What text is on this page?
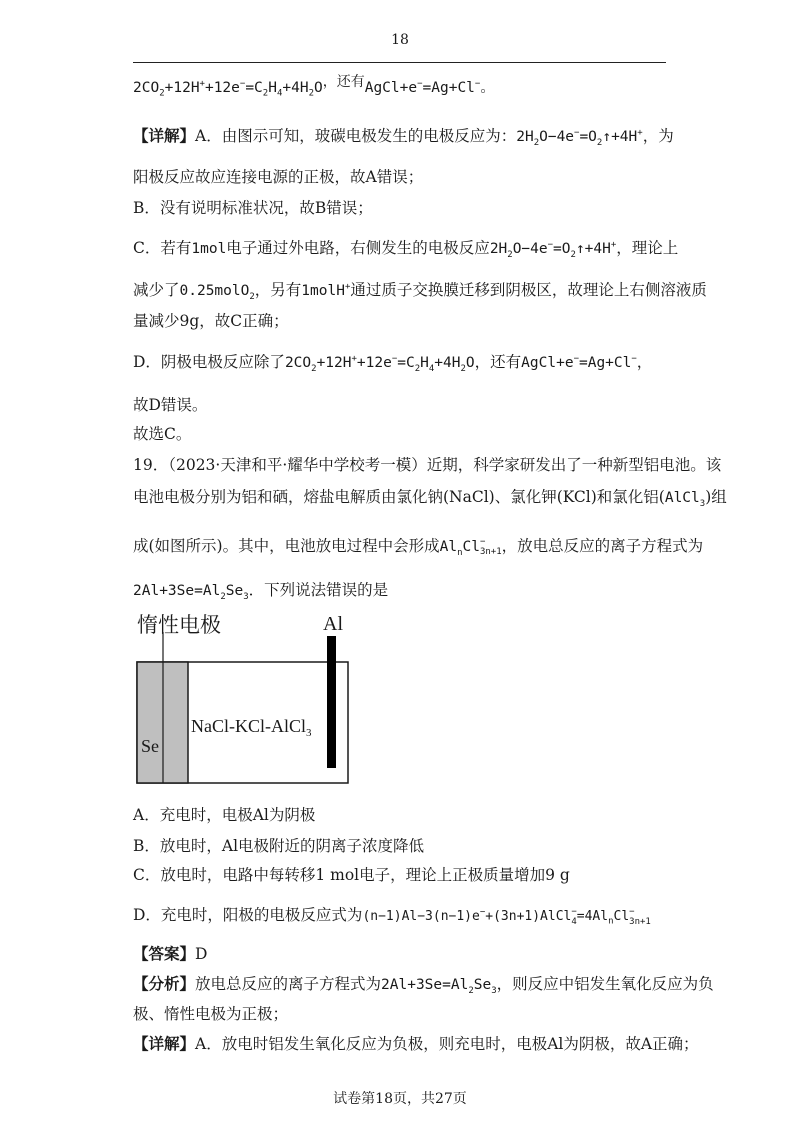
18
$2CO_2+12H^++12e^-=C_2H_4+4H_2O$，还有AgCl+e−=Ag+Cl−。
【详解】A．由图示可知，玻碳电极发生的电极反应为：$2H_2O-4e^-=O_2↑+4H^+$，为
阳极反应故应连接电源的正极，故A错误；
B．没有说明标准状况，故B错误；
C．若有1mol电子通过外电路，右侧发生的电极反应$2H_2O-4e^-=O_2↑+4H^+$，理论上
减少了0.25molO$_2$，另有1molH+通过质子交换膜迁移到阴极区，故理论上右侧溶液质
量减少9g，故C正确；
D．阴极电极反应除了$2CO_2+12H^++12e^-=C_2H_4+4H_2O$，还有AgCl+e−=Ag+Cl−，
故D错误。
故选C。
19．（2023·天津和平·耀华中学校考一模）近期，科学家研发出了一种新型铝电池。该
电池电极分别为铝和硒，熔盐电解质由氯化钠(NaCl)、氯化钾(KCl)和氯化铝(AlCl$_3$)组
成(如图所示)。其中，电池放电过程中会形成$Al_nCl$ −
3n+1 ，放电总反应的离子方程式为
$2Al+3Se=Al_2Se_3$．下列说法错误的是
惰性电极	Al
Se
NaCl-KCl-AlCl$_3$
A．充电时，电极Al为阴极
B．放电时，Al电极附近的阴离子浓度降低
C．放电时，电路中每转移1 mol电子，理论上正极质量增加9 g
D．充电时，阳极的电极反应式为(n−1)Al−3(n−1)e−+(3n+1)AlCl −
$4 =4Al_nCl$ −
3n+1
【答案】D
【分析】放电总反应的离子方程式为$2Al+3Se=Al_2Se_3$，则反应中铝发生氧化反应为负
极、惰性电极为正极；
【详解】A．放电时铝发生氧化反应为负极，则充电时，电极Al为阴极，故A正确；
试卷第18页，共27页
